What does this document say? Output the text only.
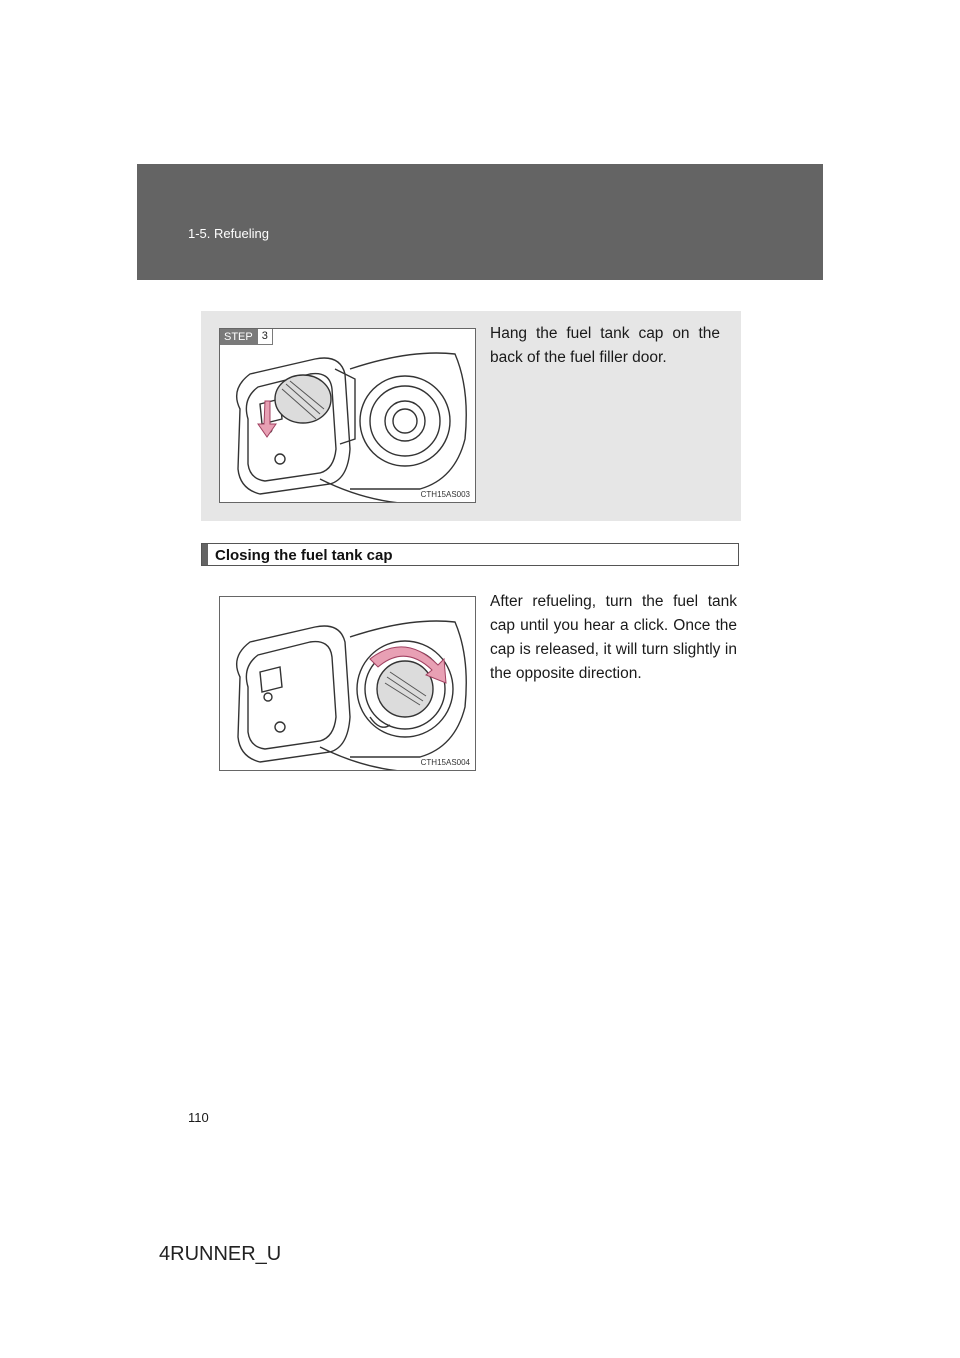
1-5. Refueling
STEP 3
CTH15AS003

Hang the fuel tank cap on the back of the fuel filler door.

Closing the fuel tank cap
CTH15AS004

After refueling, turn the fuel tank cap until you hear a click. Once the cap is released, it will turn slightly in the opposite direction.

110
4RUNNER_U
